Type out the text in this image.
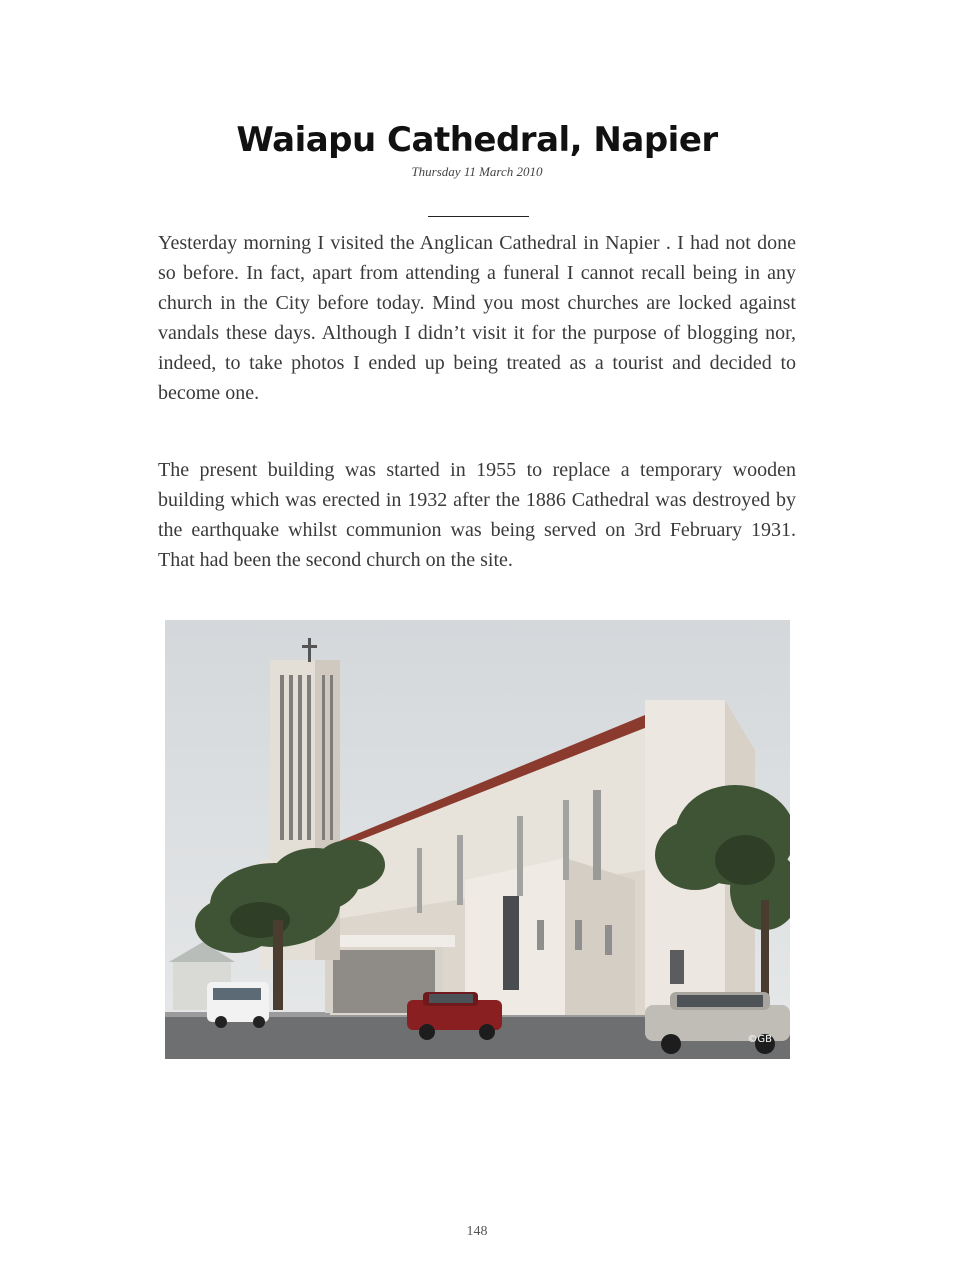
Waiapu Cathedral, Napier
Thursday 11 March 2010

Yesterday morning I visited the Anglican Cathedral in Napier . I had not done so before. In fact, apart from attending a funeral I cannot recall being in any church in the City before today. Mind you most churches are locked against vandals these days. Although I didn’t visit it for the purpose of blogging nor, indeed, to take photos I ended up being treated as a tourist and decided to become one.

The present building was started in 1955 to replace a temporary wooden building which was erected in 1932 after the 1886 Cathedral was destroyed by the earthquake whilst communion was being served on 3rd February 1931. That had been the second church on the site.

©GB
148
